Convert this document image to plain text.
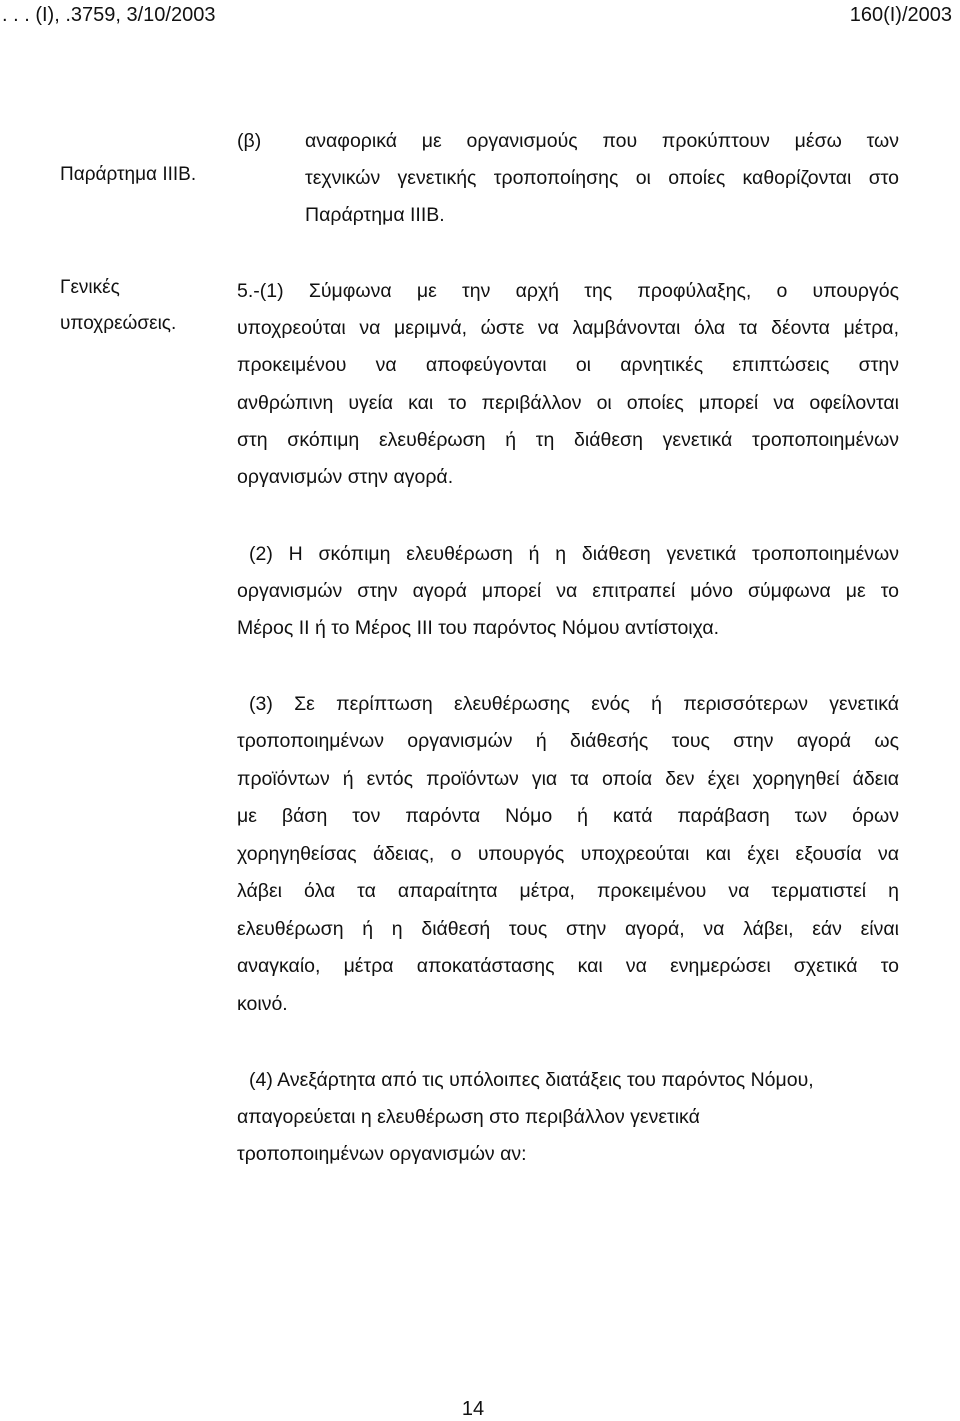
. . . (Ι), .3759, 3/10/2003	160(Ι)/2003
Παράρτημα ΙΙΙΒ.
Γενικές
υποχρεώσεις.
(β) αναφορικά με οργανισμούς που προκύπτουν μέσω των
τεχνικών γενετικής τροποποίησης οι οποίες καθορίζονται στο
Παράρτημα ΙΙΙΒ.
5.-(1) Σύμφωνα με την αρχή της προφύλαξης, ο υπουργός
υποχρεούται να μεριμνά, ώστε να λαμβάνονται όλα τα δέοντα μέτρα,
προκειμένου να αποφεύγονται οι αρνητικές επιπτώσεις στην
ανθρώπινη υγεία και το περιβάλλον οι οποίες μπορεί να οφείλονται
στη σκόπιμη ελευθέρωση ή τη διάθεση γενετικά τροποποιημένων
οργανισμών στην αγορά.
(2) Η σκόπιμη ελευθέρωση ή η διάθεση γενετικά τροποποιημένων
οργανισμών στην αγορά μπορεί να επιτραπεί μόνο σύμφωνα με το
Μέρος ΙΙ ή το Μέρος ΙΙΙ του παρόντος Νόμου αντίστοιχα.
(3) Σε περίπτωση ελευθέρωσης ενός ή περισσότερων γενετικά
τροποποιημένων οργανισμών ή διάθεσής τους στην αγορά ως
προϊόντων ή εντός προϊόντων για τα οποία δεν έχει χορηγηθεί άδεια
με βάση τον παρόντα Νόμο ή κατά παράβαση των όρων
χορηγηθείσας άδειας, ο υπουργός υποχρεούται και έχει εξουσία να
λάβει όλα τα απαραίτητα μέτρα, προκειμένου να τερματιστεί η
ελευθέρωση ή η διάθεσή τους στην αγορά, να λάβει, εάν είναι
αναγκαίο, μέτρα αποκατάστασης και να ενημερώσει σχετικά το
κοινό.
(4) Ανεξάρτητα από τις υπόλοιπες διατάξεις του παρόντος Νόμου,
απαγορεύεται η ελευθέρωση στο περιβάλλον γενετικά
τροποποιημένων οργανισμών αν:
14
